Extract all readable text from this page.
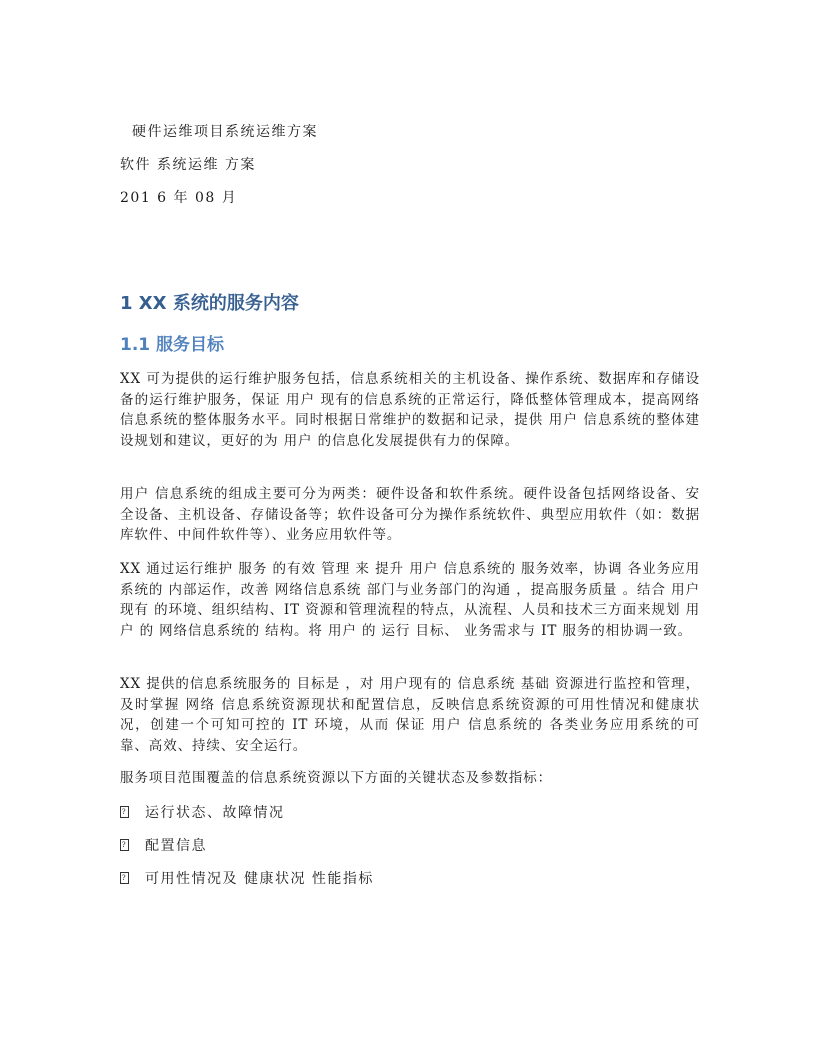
硬件运维项目系统运维方案
软件 系统运维 方案
201 6 年 08 月
1 XX 系统的服务内容
1.1 服务目标
XX 可为提供的运行维护服务包括，信息系统相关的主机设备、操作系统、数据库和存储设备的运行维护服务，保证 用户 现有的信息系统的正常运行，降低整体管理成本，提高网络信息系统的整体服务水平。同时根据日常维护的数据和记录，提供 用户 信息系统的整体建设规划和建议，更好的为 用户 的信息化发展提供有力的保障。
用户 信息系统的组成主要可分为两类：硬件设备和软件系统。硬件设备包括网络设备、安全设备、主机设备、存储设备等；软件设备可分为操作系统软件、典型应用软件（如：数据库软件、中间件软件等）、业务应用软件等。
XX 通过运行维护 服务 的有效 管理 来 提升 用户 信息系统的 服务效率，协调 各业务应用系统的 内部运作，改善 网络信息系统 部门与业务部门的沟通 ，提高服务质量 。结合 用户现有 的环境、组织结构、IT 资源和管理流程的特点，从流程、人员和技术三方面来规划 用户 的 网络信息系统的 结构。将 用户 的 运行 目标、 业务需求与 IT 服务的相协调一致。
XX 提供的信息系统服务的 目标是 ，对 用户现有的 信息系统 基础 资源进行监控和管理，及时掌握 网络 信息系统资源现状和配置信息，反映信息系统资源的可用性情况和健康状况，创建一个可知可控的 IT 环境，从而 保证 用户 信息系统的 各类业务应用系统的可靠、高效、持续、安全运行。
服务项目范围覆盖的信息系统资源以下方面的关键状态及参数指标：
? 运行状态、故障情况
? 配置信息
? 可用性情况及 健康状况 性能指标
